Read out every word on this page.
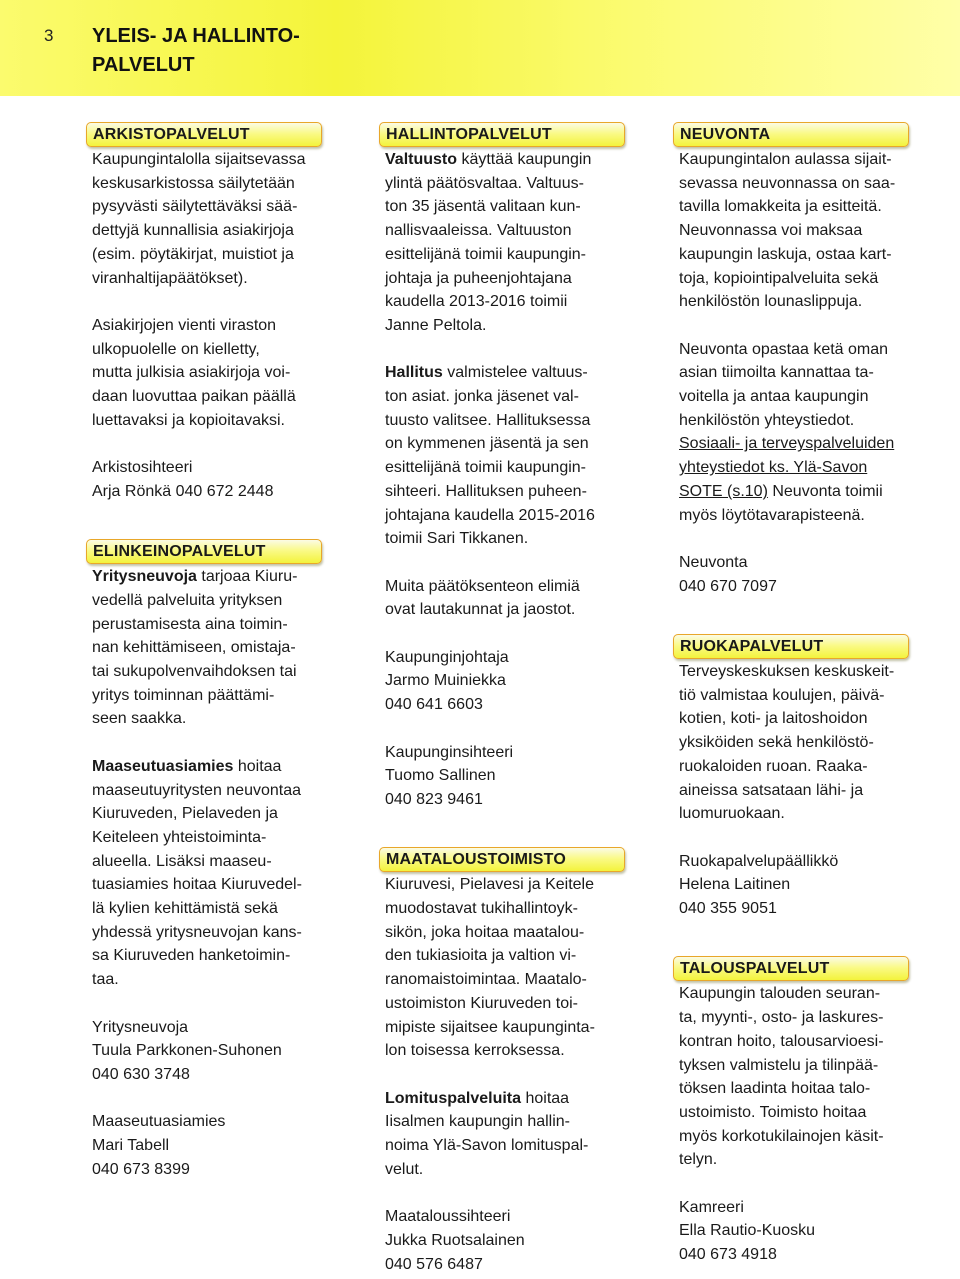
3 YLEIS- JA HALLINTO-PALVELUT
ARKISTOPALVELUT

Kaupungintalolla sijaitsevassa

keskusarkistossa säilytetään

pysyvästi säilytettäväksi sää-

dettyjä kunnallisia asiakirjoja

(esim. pöytäkirjat, muistiot ja

viranhaltijapäätökset).

Asiakirjojen vienti viraston

ulkopuolelle on kielletty,

mutta julkisia asiakirjoja voi-

daan luovuttaa paikan päällä

luettavaksi ja kopioitavaksi.

Arkistosihteeri

Arja Rönkä 040 672 2448

ELINKEINOPALVELUT

Yritysneuvoja tarjoaa Kiuru-

vedellä palveluita yrityksen

perustamisesta aina toimin-

nan kehittämiseen, omistaja-

tai sukupolvenvaihdoksen tai

yritys toiminnan päättämi-

seen saakka.

Maaseutuasiamies hoitaa

maaseutuyritysten neuvontaa

Kiuruveden, Pielaveden ja

Keiteleen yhteistoiminta-

alueella. Lisäksi maaseu-

tuasiamies hoitaa Kiuruvedel-

lä kylien kehittämistä sekä

yhdessä yritysneuvojan kans-

sa Kiuruveden hanketoimin-

taa.

Yritysneuvoja

Tuula Parkkonen-Suhonen

040 630 3748

Maaseutuasiamies

Mari Tabell

040 673 8399

HALLINTOPALVELUT

Valtuusto käyttää kaupungin

ylintä päätösvaltaa. Valtuus-

ton 35 jäsentä valitaan kun-

nallisvaaleissa. Valtuuston

esittelijänä toimii kaupungin-

johtaja ja puheenjohtajana

kaudella 2013-2016 toimii

Janne Peltola.

Hallitus valmistelee valtuus-

ton asiat. jonka jäsenet val-

tuusto valitsee. Hallituksessa

on kymmenen jäsentä ja sen

esittelijänä toimii kaupungin-

sihteeri. Hallituksen puheen-

johtajana kaudella 2015-2016

toimii Sari Tikkanen.

Muita päätöksenteon elimiä

ovat lautakunnat ja jaostot.

Kaupunginjohtaja

Jarmo Muiniekka

040 641 6603

Kaupunginsihteeri

Tuomo Sallinen

040 823 9461

MAATALOUSTOIMISTO

Kiuruvesi, Pielavesi ja Keitele

muodostavat tukihallintoyk-

sikön, joka hoitaa maatalou-

den tukiasioita ja valtion vi-

ranomaistoimintaa. Maatalo-

ustoimiston Kiuruveden toi-

mipiste sijaitsee kaupunginta-

lon toisessa kerroksessa.

Lomituspalveluita hoitaa

Iisalmen kaupungin hallin-

noima Ylä-Savon lomituspal-

velut.

Maataloussihteeri

Jukka Ruotsalainen

040 576 6487

NEUVONTA

Kaupungintalon aulassa sijait-

sevassa neuvonnassa on saa-

tavilla lomakkeita ja esitteitä.

Neuvonnassa voi maksaa

kaupungin laskuja, ostaa kart-

toja, kopiointipalveluita sekä

henkilöstön lounaslippuja.

Neuvonta opastaa ketä oman

asian tiimoilta kannattaa ta-

voitella ja antaa kaupungin

henkilöstön yhteystiedot.

Sosiaali- ja terveyspalveluiden

yhteystiedot ks. Ylä-Savon

SOTE (s.10) Neuvonta toimii

myös löytötavarapisteenä.

Neuvonta

040 670 7097

RUOKAPALVELUT

Terveyskeskuksen keskuskeit-

tiö valmistaa koulujen, päivä-

kotien, koti- ja laitoshoidon

yksiköiden sekä henkilöstö-

ruokaloiden ruoan. Raaka-

aineissa satsataan lähi- ja

luomuruokaan.

Ruokapalvelupäällikkö

Helena Laitinen

040 355 9051

TALOUSPALVELUT

Kaupungin talouden seuran-

ta, myynti-, osto- ja laskures-

kontran hoito, talousarvioesi-

tyksen valmistelu ja tilinpää-

töksen laadinta hoitaa talo-

ustoimisto. Toimisto hoitaa

myös korkotukilainojen käsit-

telyn.

Kamreeri

Ella Rautio-Kuosku

040 673 4918
